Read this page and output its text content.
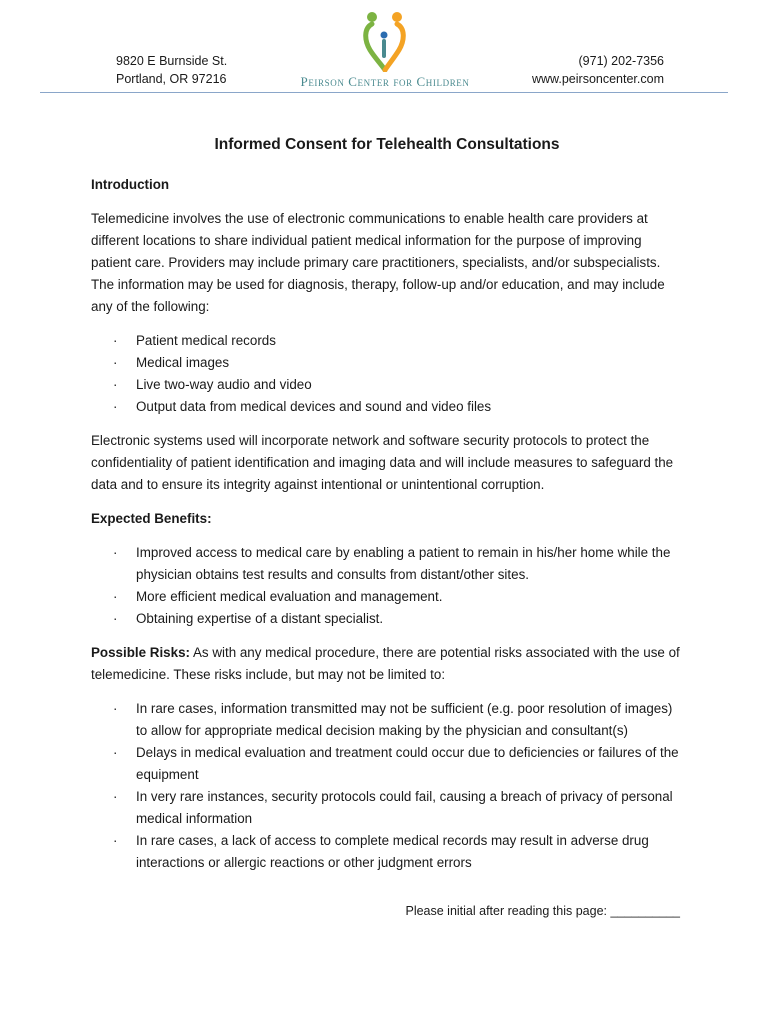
9820 E Burnside St.
Portland, OR 97216	Peirson Center for Children
(971) 202-7356
www.peirsoncenter.com
Informed Consent for Telehealth Consultations
Introduction

Telemedicine involves the use of electronic communications to enable health care providers at different locations to share individual patient medical information for the purpose of improving patient care. Providers may include primary care practitioners, specialists, and/or subspecialists. The information may be used for diagnosis, therapy, follow-up and/or education, and may include any of the following:

· Patient medical records
· Medical images
· Live two-way audio and video
· Output data from medical devices and sound and video files

Electronic systems used will incorporate network and software security protocols to protect the confidentiality of patient identification and imaging data and will include measures to safeguard the data and to ensure its integrity against intentional or unintentional corruption.

Expected Benefits:
· Improved access to medical care by enabling a patient to remain in his/her home while the physician obtains test results and consults from distant/other sites.
· More efficient medical evaluation and management.
· Obtaining expertise of a distant specialist.

Possible Risks: As with any medical procedure, there are potential risks associated with the use of telemedicine. These risks include, but may not be limited to:

· In rare cases, information transmitted may not be sufficient (e.g. poor resolution of images) to allow for appropriate medical decision making by the physician and consultant(s)
· Delays in medical evaluation and treatment could occur due to deficiencies or failures of the equipment
· In very rare instances, security protocols could fail, causing a breach of privacy of personal medical information
· In rare cases, a lack of access to complete medical records may result in adverse drug interactions or allergic reactions or other judgment errors
Please initial after reading this page: __________
